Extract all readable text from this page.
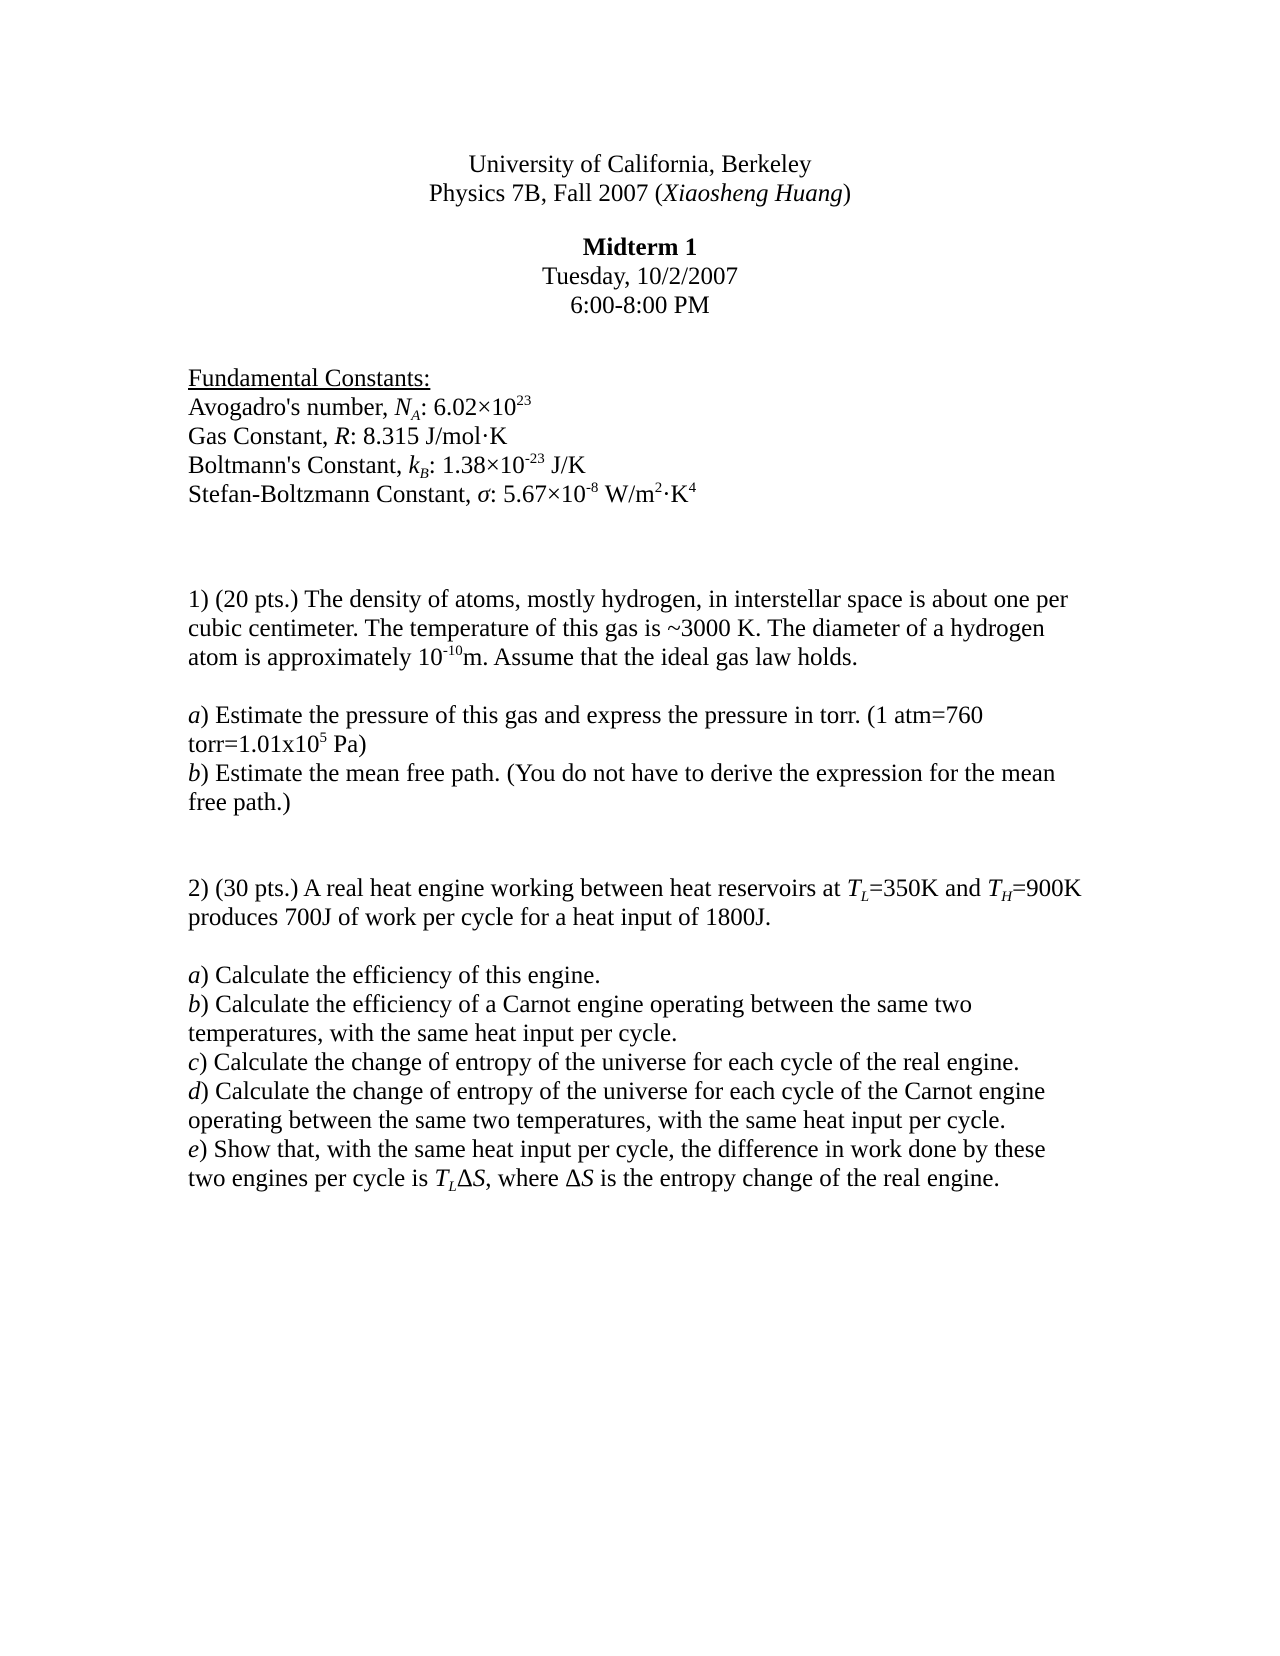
University of California, Berkeley
Physics 7B, Fall 2007 (Xiaosheng Huang)
Midterm 1
Tuesday, 10/2/2007
6:00-8:00 PM

Fundamental Constants:

Avogadro's number, $N_A$: $6.02\times 10^{23}$

Gas Constant, R: 8.315 J/mol·K

Boltmann's Constant, $k_B$: $1.38\times 10^{-23}$ J/K

Stefan-Boltzmann Constant, σ: $5.67\times 10^{-8}$ $W/m^2\cdot K^4$

1) (20 pts.) The density of atoms, mostly hydrogen, in interstellar space is about one per

cubic centimeter. The temperature of this gas is ~3000 K. The diameter of a hydrogen

atom is approximately $10^{-10}m$. Assume that the ideal gas law holds.

a) Estimate the pressure of this gas and express the pressure in torr. (1 atm=760

$torr=1.01x10^5$ Pa)

b) Estimate the mean free path. (You do not have to derive the expression for the mean

free path.)

2) (30 pts.) A real heat engine working between heat reservoirs at $T_L=350K$ and $T_H=900K$

produces 700J of work per cycle for a heat input of 1800J.

a) Calculate the efficiency of this engine.

b) Calculate the efficiency of a Carnot engine operating between the same two

temperatures, with the same heat input per cycle.

c) Calculate the change of entropy of the universe for each cycle of the real engine.

d) Calculate the change of entropy of the universe for each cycle of the Carnot engine

operating between the same two temperatures, with the same heat input per cycle.

e) Show that, with the same heat input per cycle, the difference in work done by these

two engines per cycle is $T_L\Delta S$, where ΔS is the entropy change of the real engine.
